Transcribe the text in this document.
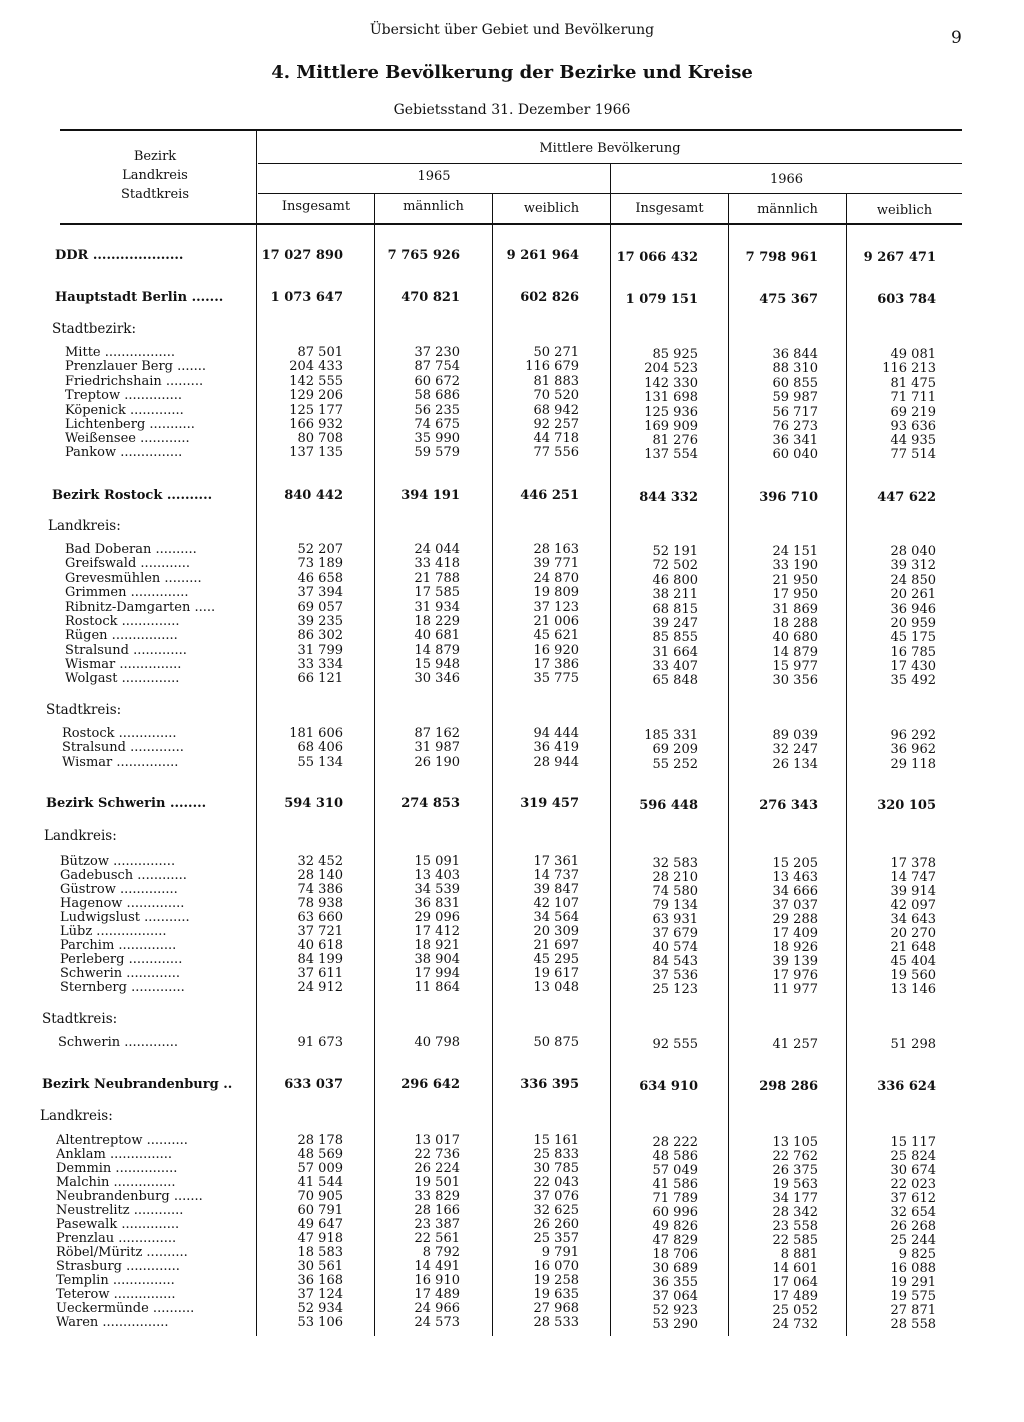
Übersicht über Gebiet und Bevölkerung	9
4. Mittlere Bevölkerung der Bezirke und Kreise
Gebietsstand 31. Dezember 1966
Bezirk
Landkreis
Stadtkreis
Mittlere Bevölkerung
1965	1966
Insgesamt	männlich	weiblich	Insgesamt	männlich	weiblich
DDR ....................	17 027 890	7 765 926	9 261 964	17 066 432	7 798 961	9 267 471
Hauptstadt Berlin .......	1 073 647	470 821	602 826	1 079 151	475 367	603 784
Stadtbezirk:
Mitte .................	87 501	37 230	50 271	85 925	36 844	49 081
Prenzlauer Berg .......	204 433	87 754	116 679	204 523	88 310	116 213
Friedrichshain .........	142 555	60 672	81 883	142 330	60 855	81 475
Treptow ..............	129 206	58 686	70 520	131 698	59 987	71 711
Köpenick .............	125 177	56 235	68 942	125 936	56 717	69 219
Lichtenberg ...........	166 932	74 675	92 257	169 909	76 273	93 636
Weißensee ............	80 708	35 990	44 718	81 276	36 341	44 935
Pankow ...............	137 135	59 579	77 556	137 554	60 040	77 514
Bezirk Rostock ..........	840 442	394 191	446 251	844 332	396 710	447 622
Landkreis:
Bad Doberan ..........	52 207	24 044	28 163	52 191	24 151	28 040
Greifswald ............	73 189	33 418	39 771	72 502	33 190	39 312
Grevesmühlen .........	46 658	21 788	24 870	46 800	21 950	24 850
Grimmen ..............	37 394	17 585	19 809	38 211	17 950	20 261
Ribnitz-Damgarten .....	69 057	31 934	37 123	68 815	31 869	36 946
Rostock ..............	39 235	18 229	21 006	39 247	18 288	20 959
Rügen ................	86 302	40 681	45 621	85 855	40 680	45 175
Stralsund .............	31 799	14 879	16 920	31 664	14 879	16 785
Wismar ...............	33 334	15 948	17 386	33 407	15 977	17 430
Wolgast ..............	66 121	30 346	35 775	65 848	30 356	35 492
Stadtkreis:
Rostock ..............	181 606	87 162	94 444	185 331	89 039	96 292
Stralsund .............	68 406	31 987	36 419	69 209	32 247	36 962
Wismar ...............	55 134	26 190	28 944	55 252	26 134	29 118
Bezirk Schwerin ........	594 310	274 853	319 457	596 448	276 343	320 105
Landkreis:
Bützow ...............	32 452	15 091	17 361	32 583	15 205	17 378
Gadebusch ............	28 140	13 403	14 737	28 210	13 463	14 747
Güstrow ..............	74 386	34 539	39 847	74 580	34 666	39 914
Hagenow ..............	78 938	36 831	42 107	79 134	37 037	42 097
Ludwigslust ...........	63 660	29 096	34 564	63 931	29 288	34 643
Lübz .................	37 721	17 412	20 309	37 679	17 409	20 270
Parchim ..............	40 618	18 921	21 697	40 574	18 926	21 648
Perleberg .............	84 199	38 904	45 295	84 543	39 139	45 404
Schwerin .............	37 611	17 994	19 617	37 536	17 976	19 560
Sternberg .............	24 912	11 864	13 048	25 123	11 977	13 146
Stadtkreis:
Schwerin .............	91 673	40 798	50 875	92 555	41 257	51 298
Bezirk Neubrandenburg ..	633 037	296 642	336 395	634 910	298 286	336 624
Landkreis:
Altentreptow ..........	28 178	13 017	15 161	28 222	13 105	15 117
Anklam ...............	48 569	22 736	25 833	48 586	22 762	25 824
Demmin ...............	57 009	26 224	30 785	57 049	26 375	30 674
Malchin ...............	41 544	19 501	22 043	41 586	19 563	22 023
Neubrandenburg .......	70 905	33 829	37 076	71 789	34 177	37 612
Neustrelitz ............	60 791	28 166	32 625	60 996	28 342	32 654
Pasewalk ..............	49 647	23 387	26 260	49 826	23 558	26 268
Prenzlau ..............	47 918	22 561	25 357	47 829	22 585	25 244
Röbel/Müritz ..........	18 583	8 792	9 791	18 706	8 881	9 825
Strasburg .............	30 561	14 491	16 070	30 689	14 601	16 088
Templin ...............	36 168	16 910	19 258	36 355	17 064	19 291
Teterow ...............	37 124	17 489	19 635	37 064	17 489	19 575
Ueckermünde ..........	52 934	24 966	27 968	52 923	25 052	27 871
Waren ................	53 106	24 573	28 533	53 290	24 732	28 558
